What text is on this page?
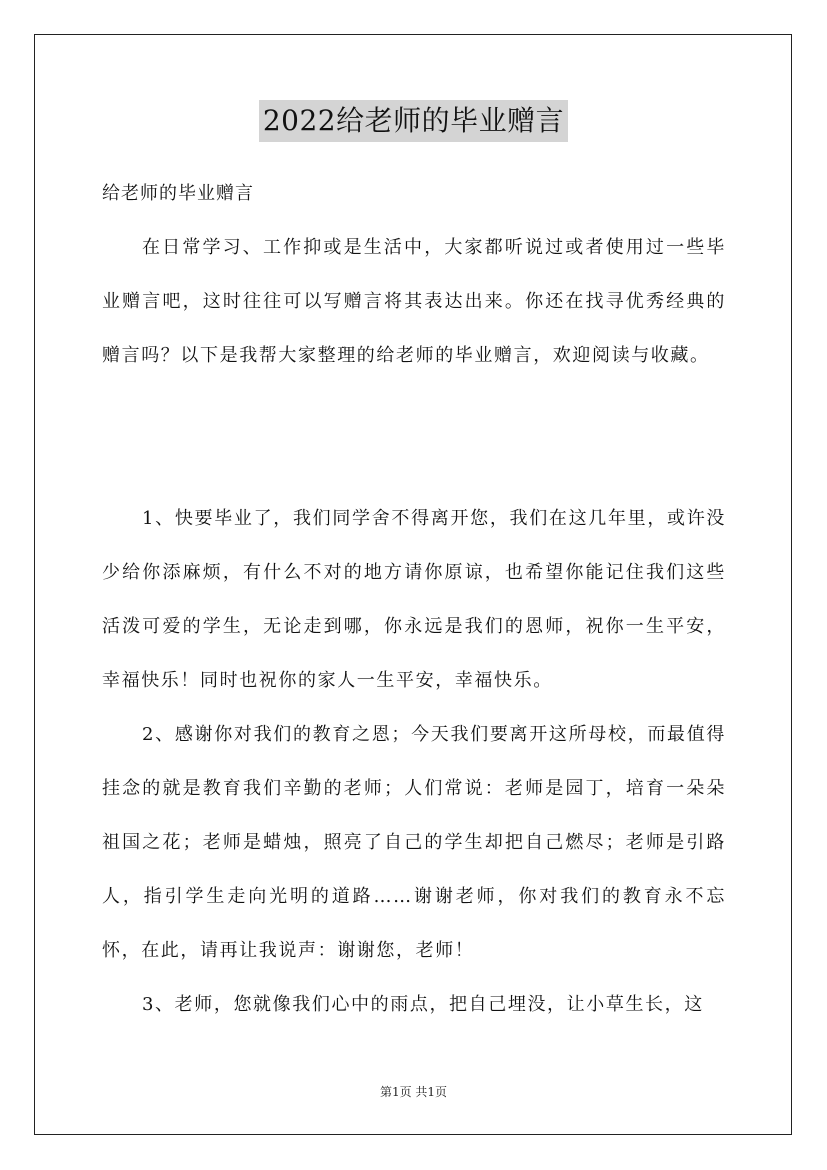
2022给老师的毕业赠言
给老师的毕业赠言

在日常学习、工作抑或是生活中，大家都听说过或者使用过一些毕业赠言吧，这时往往可以写赠言将其表达出来。你还在找寻优秀经典的赠言吗？以下是我帮大家整理的给老师的毕业赠言，欢迎阅读与收藏。

1、快要毕业了，我们同学舍不得离开您，我们在这几年里，或许没少给你添麻烦，有什么不对的地方请你原谅，也希望你能记住我们这些活泼可爱的学生，无论走到哪，你永远是我们的恩师，祝你一生平安，幸福快乐！同时也祝你的家人一生平安，幸福快乐。

2、感谢你对我们的教育之恩；今天我们要离开这所母校，而最值得挂念的就是教育我们辛勤的老师；人们常说：老师是园丁，培育一朵朵祖国之花；老师是蜡烛，照亮了自己的学生却把自己燃尽；老师是引路人，指引学生走向光明的道路……谢谢老师，你对我们的教育永不忘怀，在此，请再让我说声：谢谢您，老师！

3、老师，您就像我们心中的雨点，把自己埋没，让小草生长，这

第1页 共1页
